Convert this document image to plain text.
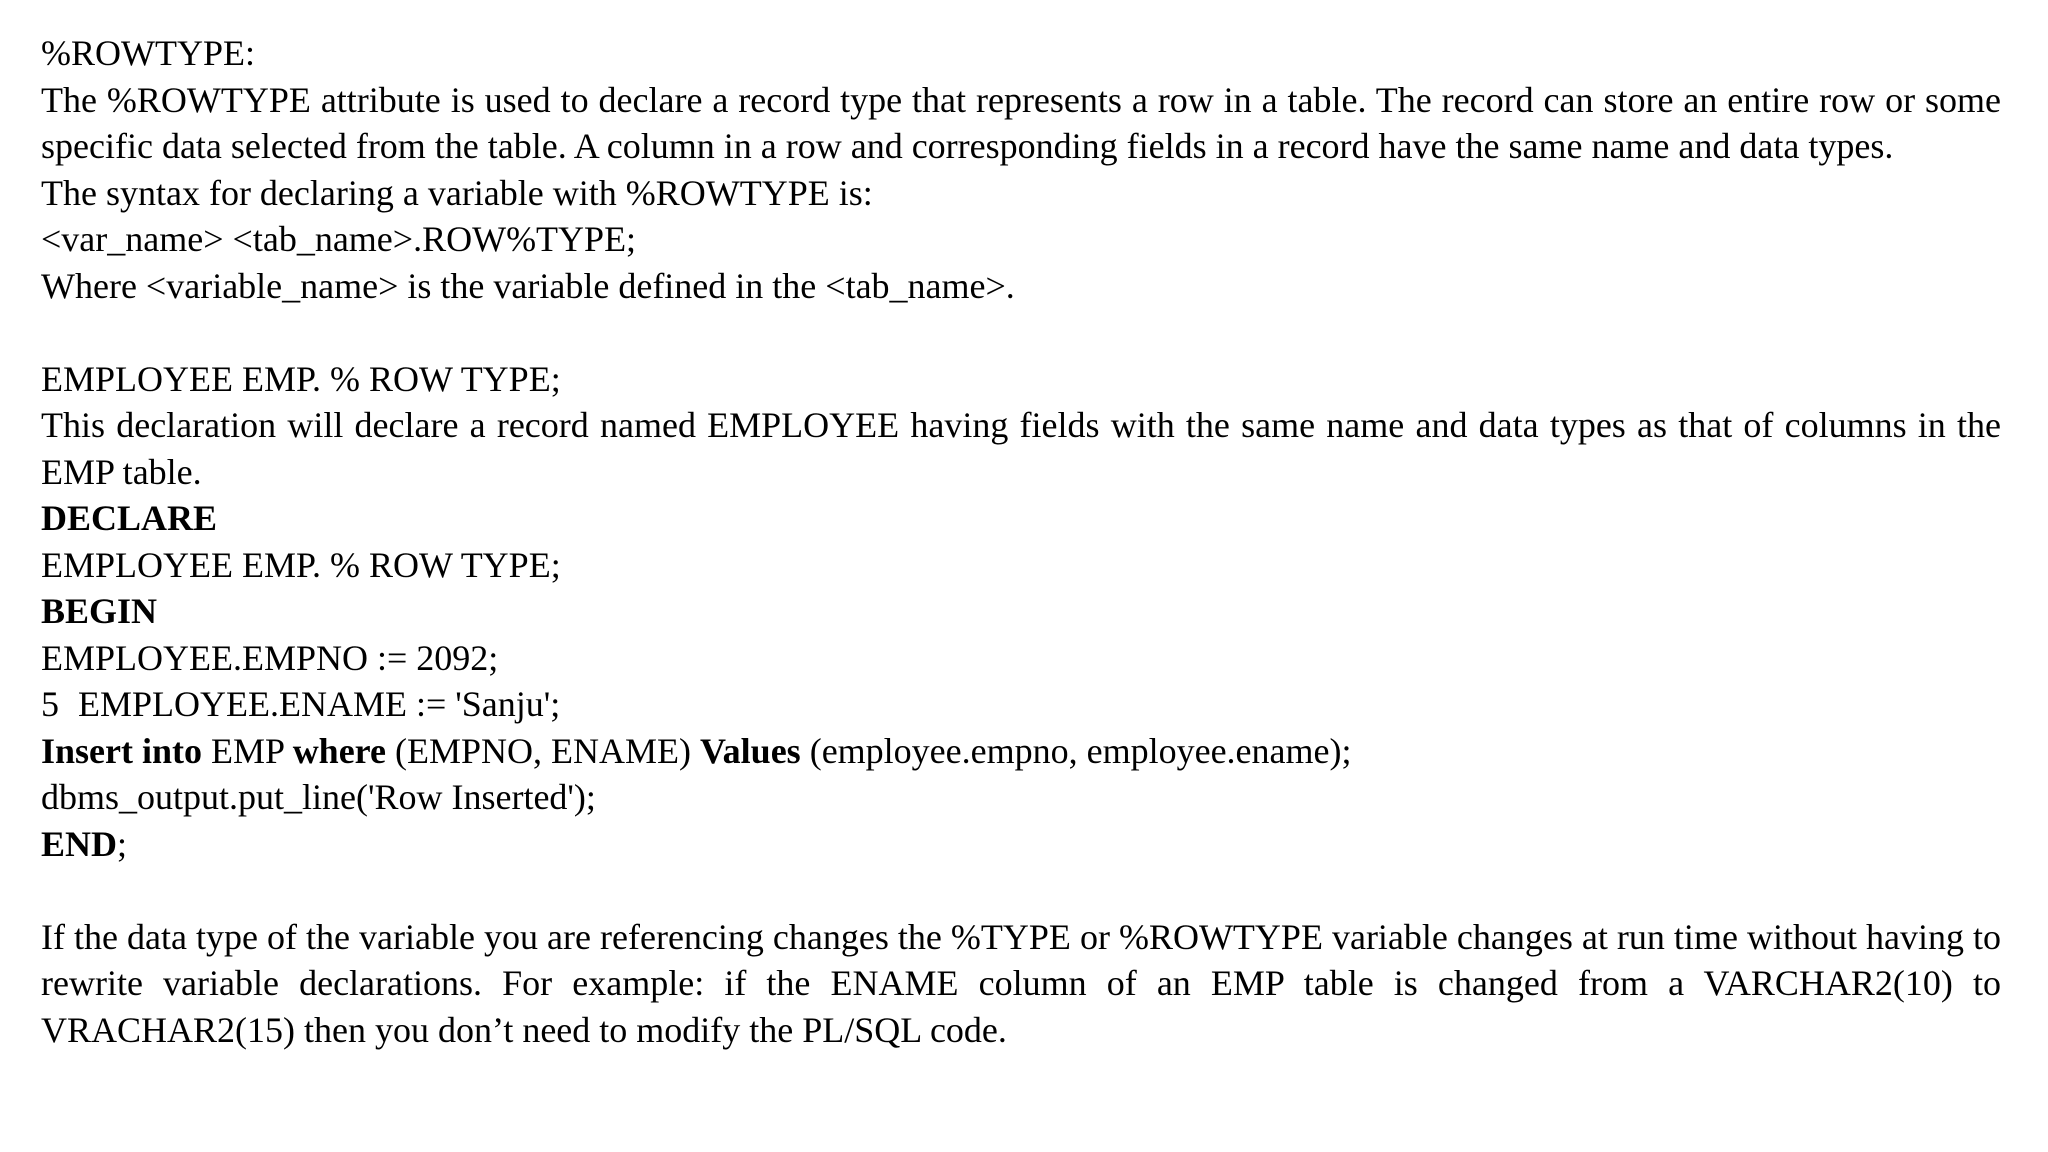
%ROWTYPE:
The %ROWTYPE attribute is used to declare a record type that represents a row in a table. The record can store an entire row or some specific data selected from the table. A column in a row and corresponding fields in a record have the same name and data types.
The syntax for declaring a variable with %ROWTYPE is:
<var_name> <tab_name>.ROW%TYPE;
Where <variable_name> is the variable defined in the <tab_name>.
EMPLOYEE EMP. % ROW TYPE;
This declaration will declare a record named EMPLOYEE having fields with the same name and data types as that of columns in the EMP table.
DECLARE
EMPLOYEE EMP. % ROW TYPE;
BEGIN
EMPLOYEE.EMPNO := 2092;
5 EMPLOYEE.ENAME := 'Sanju';
Insert into EMP where (EMPNO, ENAME) Values (employee.empno, employee.ename);
dbms_output.put_line('Row Inserted');
END;
If the data type of the variable you are referencing changes the %TYPE or %ROWTYPE variable changes at run time without having to rewrite variable declarations. For example: if the ENAME column of an EMP table is changed from a VARCHAR2(10) to VRACHAR2(15) then you don’t need to modify the PL/SQL code.
